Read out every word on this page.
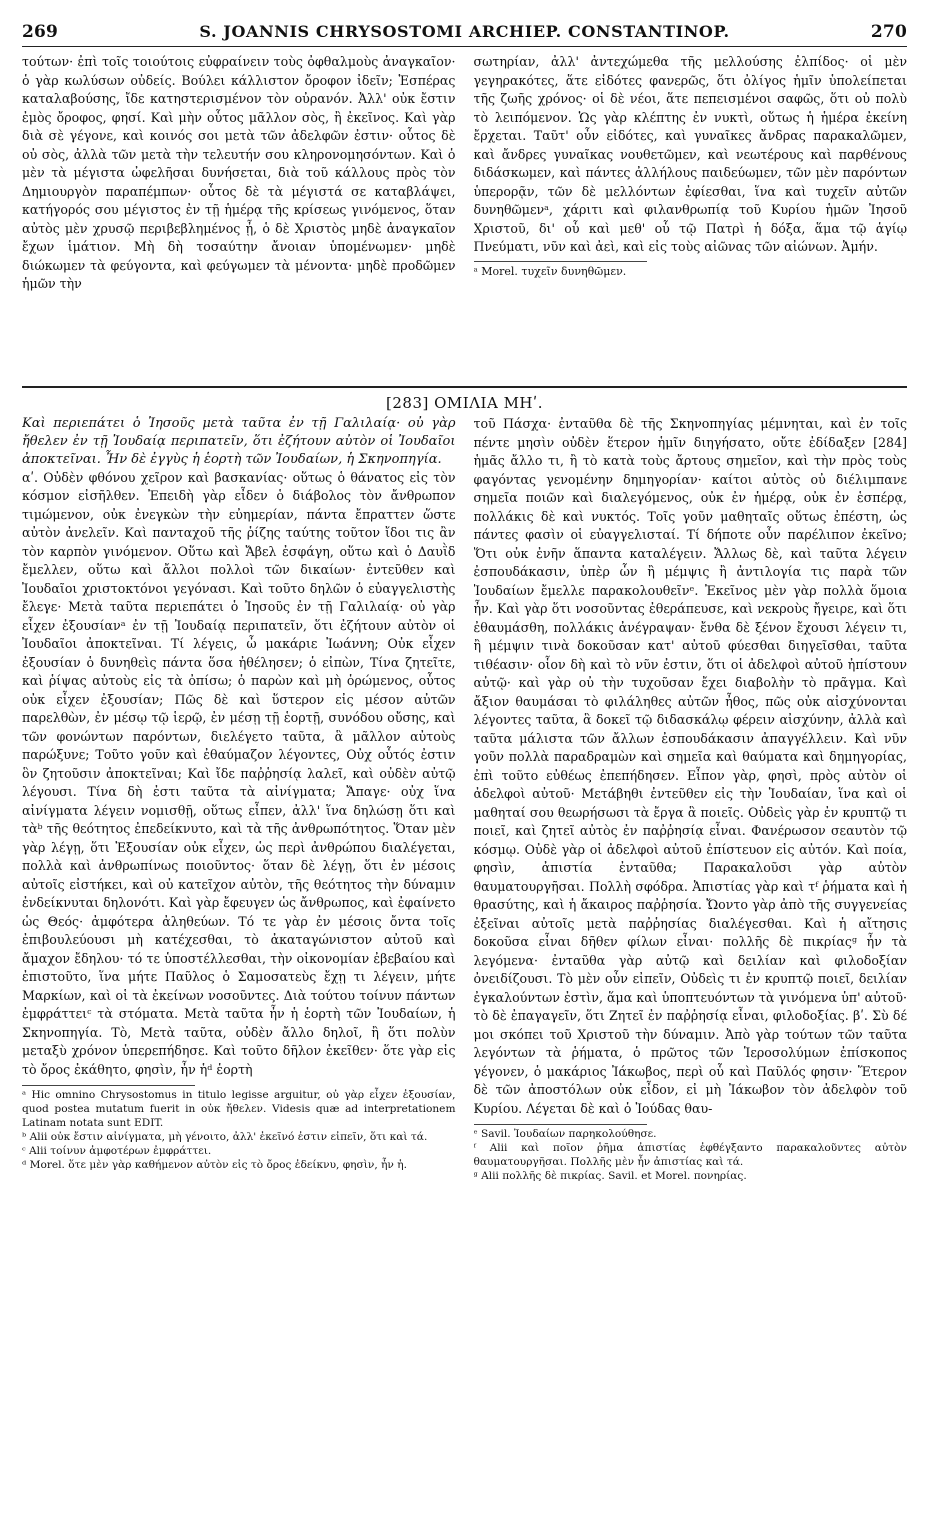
269	S. JOANNIS CHRYSOSTOMI ARCHIEP. CONSTANTINOP.	270

τούτων· ἐπὶ τοῖς τοιούτοις εὐφραίνειν τοὺς ὀφθαλμοὺς ἀναγκαῖον· ὁ γὰρ κωλύσων οὐδείς. Βούλει κάλλιστον ὄροφον ἰδεῖν; Ἑσπέρας καταλαβούσης, ἴδε κατηστερισμένον τὸν οὐρανόν. Ἀλλ' οὐκ ἔστιν ἐμὸς ὄροφος, φησί. Καὶ μὴν οὗτος μᾶλλον σὸς, ἢ ἐκεῖνος. Καὶ γὰρ διὰ σὲ γέγονε, καὶ κοινός σοι μετὰ τῶν ἀδελφῶν ἐστιν· οὗτος δὲ οὐ σὸς, ἀλλὰ τῶν μετὰ τὴν τελευτήν σου κληρονομησόντων. Καὶ ὁ μὲν τὰ μέγιστα ὠφελῆσαι δυνήσεται, διὰ τοῦ κάλλους πρὸς τὸν Δημιουργὸν παραπέμπων· οὗτος δὲ τὰ μέγιστά σε καταβλάψει, κατήγορός σου μέγιστος ἐν τῇ ἡμέρᾳ τῆς κρίσεως γινόμενος, ὅταν αὐτὸς μὲν χρυσῷ περιβεβλημένος ᾖ, ὁ δὲ Χριστὸς μηδὲ ἀναγκαῖον ἔχων ἱμάτιον. Μὴ δὴ τοσαύτην ἄνοιαν ὑπομένωμεν· μηδὲ διώκωμεν τὰ φεύγοντα, καὶ φεύγωμεν τὰ μένοντα· μηδὲ προδῶμεν ἡμῶν τὴν

σωτηρίαν, ἀλλ' ἀντεχώμεθα τῆς μελλούσης ἐλπίδος· οἱ μὲν γεγηρακότες, ἅτε εἰδότες φανερῶς, ὅτι ὀλίγος ἡμῖν ὑπολείπεται τῆς ζωῆς χρόνος· οἱ δὲ νέοι, ἅτε πεπεισμένοι σαφῶς, ὅτι οὐ πολὺ τὸ λειπόμενον. Ὡς γὰρ κλέπτης ἐν νυκτὶ, οὕτως ἡ ἡμέρα ἐκείνη ἔρχεται. Ταῦτ' οὖν εἰδότες, καὶ γυναῖκες ἄνδρας παρακαλῶμεν, καὶ ἄνδρες γυναῖκας νουθετῶμεν, καὶ νεωτέρους καὶ παρθένους διδάσκωμεν, καὶ πάντες ἀλλήλους παιδεύωμεν, τῶν μὲν παρόντων ὑπερορᾷν, τῶν δὲ μελλόντων ἐφίεσθαι, ἵνα καὶ τυχεῖν αὐτῶν δυνηθῶμενᵃ, χάριτι καὶ φιλανθρωπίᾳ τοῦ Κυρίου ἡμῶν Ἰησοῦ Χριστοῦ, δι' οὗ καὶ μεθ' οὗ τῷ Πατρὶ ἡ δόξα, ἅμα τῷ ἁγίῳ Πνεύματι, νῦν καὶ ἀεὶ, καὶ εἰς τοὺς αἰῶνας τῶν αἰώνων. Ἀμήν.

ᵃ Morel. τυχεῖν δυνηθῶμεν.
[283] ΟΜΙΛΙΑ ΜΗʹ.

Καὶ περιεπάτει ὁ Ἰησοῦς μετὰ ταῦτα ἐν τῇ Γαλιλαίᾳ· οὐ γὰρ ἤθελεν ἐν τῇ Ἰουδαίᾳ περιπατεῖν, ὅτι ἐζήτουν αὐτὸν οἱ Ἰουδαῖοι ἀποκτεῖναι. Ἦν δὲ ἐγγὺς ἡ ἑορτὴ τῶν Ἰουδαίων, ἡ Σκηνοπηγία.

αʹ. Οὐδὲν φθόνου χεῖρον καὶ βασκανίας· οὕτως ὁ θάνατος εἰς τὸν κόσμον εἰσῆλθεν. Ἐπειδὴ γὰρ εἶδεν ὁ διάβολος τὸν ἄνθρωπον τιμώμενον, οὐκ ἐνεγκὼν τὴν εὐημερίαν, πάντα ἔπραττεν ὥστε αὐτὸν ἀνελεῖν. Καὶ πανταχοῦ τῆς ῥίζης ταύτης τοῦτον ἴδοι τις ἂν τὸν καρπὸν γινόμενον. Οὕτω καὶ Ἄβελ ἐσφάγη, οὕτω καὶ ὁ Δαυῒδ ἔμελλεν, οὕτω καὶ ἄλλοι πολλοὶ τῶν δικαίων· ἐντεῦθεν καὶ Ἰουδαῖοι χριστοκτόνοι γεγόνασι. Καὶ τοῦτο δηλῶν ὁ εὐαγγελιστὴς ἔλεγε· Μετὰ ταῦτα περιεπάτει ὁ Ἰησοῦς ἐν τῇ Γαλιλαίᾳ· οὐ γὰρ εἶχεν ἐξουσίανᵃ ἐν τῇ Ἰουδαίᾳ περιπατεῖν, ὅτι ἐζήτουν αὐτὸν οἱ Ἰουδαῖοι ἀποκτεῖναι. Τί λέγεις, ὦ μακάριε Ἰωάννη; Οὐκ εἶχεν ἐξουσίαν ὁ δυνηθεὶς πάντα ὅσα ἠθέλησεν; ὁ εἰπὼν, Τίνα ζητεῖτε, καὶ ῥίψας αὐτοὺς εἰς τὰ ὀπίσω; ὁ παρὼν καὶ μὴ ὁρώμενος, οὗτος οὐκ εἶχεν ἐξουσίαν; Πῶς δὲ καὶ ὕστερον εἰς μέσον αὐτῶν παρελθὼν, ἐν μέσῳ τῷ ἱερῷ, ἐν μέσῃ τῇ ἑορτῇ, συνόδου οὔσης, καὶ τῶν φονώντων παρόντων, διελέγετο ταῦτα, ἃ μᾶλλον αὐτοὺς παρώξυνε; Τοῦτο γοῦν καὶ ἐθαύμαζον λέγοντες, Οὐχ οὗτός ἐστιν ὃν ζητοῦσιν ἀποκτεῖναι; Καὶ ἴδε παῤῥησίᾳ λαλεῖ, καὶ οὐδὲν αὐτῷ λέγουσι. Τίνα δὴ ἐστι ταῦτα τὰ αἰνίγματα; Ἄπαγε· οὐχ ἵνα αἰνίγματα λέγειν νομισθῇ, οὕτως εἶπεν, ἀλλ' ἵνα δηλώσῃ ὅτι καὶ τὰᵇ τῆς θεότητος ἐπεδείκνυτο, καὶ τὰ τῆς ἀνθρωπότητος. Ὅταν μὲν γὰρ λέγῃ, ὅτι Ἐξουσίαν οὐκ εἶχεν, ὡς περὶ ἀνθρώπου διαλέγεται, πολλὰ καὶ ἀνθρωπίνως ποιοῦντος· ὅταν δὲ λέγῃ, ὅτι ἐν μέσοις αὐτοῖς εἰστήκει, καὶ οὐ κατεῖχον αὐτὸν, τῆς θεότητος τὴν δύναμιν ἐνδείκνυται δηλονότι. Καὶ γὰρ ἔφευγεν ὡς ἄνθρωπος, καὶ ἐφαίνετο ὡς Θεός· ἀμφότερα ἀληθεύων. Τό τε γὰρ ἐν μέσοις ὄντα τοῖς ἐπιβουλεύουσι μὴ κατέχεσθαι, τὸ ἀκαταγώνιστον αὐτοῦ καὶ ἄμαχον ἔδηλου· τό τε ὑποστέλλεσθαι, τὴν οἰκονομίαν ἐβεβαίου καὶ ἐπιστοῦτο, ἵνα μήτε Παῦλος ὁ Σαμοσατεὺς ἔχῃ τι λέγειν, μήτε Μαρκίων, καὶ οἱ τὰ ἐκείνων νοσοῦντες. Διὰ τούτου τοίνυν πάντων ἐμφράττειᶜ τὰ στόματα. Μετὰ ταῦτα ἦν ἡ ἑορτὴ τῶν Ἰουδαίων, ἡ Σκηνοπηγία. Τὸ, Μετὰ ταῦτα, οὐδὲν ἄλλο δηλοῖ, ἢ ὅτι πολὺν μεταξὺ χρόνον ὑπερεπήδησε. Καὶ τοῦτο δῆλον ἐκεῖθεν· ὅτε γὰρ εἰς τὸ ὄρος ἐκάθητο, φησὶν, ἦν ἡᵈ ἑορτὴ

ᵃ Hic omnino Chrysostomus in titulo legisse arguitur, οὐ γὰρ εἶχεν ἐξουσίαν, quod postea mutatum fuerit in οὐκ ἤθελεν. Videsis quæ ad interpretationem Latinam notata sunt EDIT.

ᵇ Alii οὐκ ἔστιν αἰνίγματα, μὴ γένοιτο, ἀλλ' ἐκεῖνό ἐστιν εἰπεῖν, ὅτι καὶ τά.

ᶜ Alii τοίνυν ἀμφοτέρων ἐμφράττει.

ᵈ Morel. ὅτε μὲν γὰρ καθήμενον αὐτὸν εἰς τὸ ὄρος ἐδείκνυ, φησὶν, ἦν ἡ.

τοῦ Πάσχα· ἐνταῦθα δὲ τῆς Σκηνοπηγίας μέμνηται, καὶ ἐν τοῖς πέντε μησὶν οὐδὲν ἕτερον ἡμῖν διηγήσατο, οὔτε ἐδίδαξεν [284] ἡμᾶς ἄλλο τι, ἢ τὸ κατὰ τοὺς ἄρτους σημεῖον, καὶ τὴν πρὸς τοὺς φαγόντας γενομένην δημηγορίαν· καίτοι αὐτὸς οὐ διέλιμπανε σημεῖα ποιῶν καὶ διαλεγόμενος, οὐκ ἐν ἡμέρᾳ, οὐκ ἐν ἑσπέρᾳ, πολλάκις δὲ καὶ νυκτός. Τοῖς γοῦν μαθηταῖς οὕτως ἐπέστη, ὡς πάντες φασὶν οἱ εὐαγγελισταί. Τί δήποτε οὖν παρέλιπον ἐκεῖνο; Ὅτι οὐκ ἐνῆν ἅπαντα καταλέγειν. Ἄλλως δὲ, καὶ ταῦτα λέγειν ἐσπουδάκασιν, ὑπὲρ ὧν ἢ μέμψις ἢ ἀντιλογία τις παρὰ τῶν Ἰουδαίων ἔμελλε παρακολουθεῖνᵉ. Ἐκεῖνος μὲν γὰρ πολλὰ ὅμοια ἦν. Καὶ γὰρ ὅτι νοσοῦντας ἐθεράπευσε, καὶ νεκροὺς ἤγειρε, καὶ ὅτι ἐθαυμάσθη, πολλάκις ἀνέγραψαν· ἔνθα δὲ ξένον ἔχουσι λέγειν τι, ἢ μέμψιν τινὰ δοκοῦσαν κατ' αὐτοῦ φύεσθαι διηγεῖσθαι, ταῦτα τιθέασιν· οἷον δὴ καὶ τὸ νῦν ἐστιν, ὅτι οἱ ἀδελφοὶ αὐτοῦ ἠπίστουν αὐτῷ· καὶ γὰρ οὐ τὴν τυχοῦσαν ἔχει διαβολὴν τὸ πρᾶγμα. Καὶ ἄξιον θαυμάσαι τὸ φιλάληθες αὐτῶν ἦθος, πῶς οὐκ αἰσχύνονται λέγοντες ταῦτα, ἃ δοκεῖ τῷ διδασκάλῳ φέρειν αἰσχύνην, ἀλλὰ καὶ ταῦτα μάλιστα τῶν ἄλλων ἐσπουδάκασιν ἀπαγγέλλειν. Καὶ νῦν γοῦν πολλὰ παραδραμὼν καὶ σημεῖα καὶ θαύματα καὶ δημηγορίας, ἐπὶ τοῦτο εὐθέως ἐπεπήδησεν. Εἶπον γὰρ, φησὶ, πρὸς αὐτὸν οἱ ἀδελφοὶ αὐτοῦ· Μετάβηθι ἐντεῦθεν εἰς τὴν Ἰουδαίαν, ἵνα καὶ οἱ μαθηταί σου θεωρήσωσι τὰ ἔργα ἃ ποιεῖς. Οὐδεὶς γὰρ ἐν κρυπτῷ τι ποιεῖ, καὶ ζητεῖ αὐτὸς ἐν παῤῥησίᾳ εἶναι. Φανέρωσον σεαυτὸν τῷ κόσμῳ. Οὐδὲ γὰρ οἱ ἀδελφοὶ αὐτοῦ ἐπίστευον εἰς αὐτόν. Καὶ ποία, φησὶν, ἀπιστία ἐνταῦθα; Παρακαλοῦσι γὰρ αὐτὸν θαυματουργῆσαι. Πολλὴ σφόδρα. Ἀπιστίας γὰρ καὶ τᶠ ῥήματα καὶ ἡ θρασύτης, καὶ ἡ ἄκαιρος παῤῥησία. Ὤοντο γὰρ ἀπὸ τῆς συγγενείας ἐξεῖναι αὐτοῖς μετὰ παῤῥησίας διαλέγεσθαι. Καὶ ἡ αἴτησις δοκοῦσα εἶναι δῆθεν φίλων εἶναι· πολλῆς δὲ πικρίαςᵍ ἦν τὰ λεγόμενα· ἐνταῦθα γὰρ αὐτῷ καὶ δειλίαν καὶ φιλοδοξίαν ὀνειδίζουσι. Τὸ μὲν οὖν εἰπεῖν, Οὐδεὶς τι ἐν κρυπτῷ ποιεῖ, δειλίαν ἐγκαλούντων ἐστὶν, ἅμα καὶ ὑποπτευόντων τὰ γινόμενα ὑπ' αὐτοῦ· τὸ δὲ ἐπαγαγεῖν, ὅτι Ζητεῖ ἐν παῤῥησίᾳ εἶναι, φιλοδοξίας. βʹ. Σὺ δέ μοι σκόπει τοῦ Χριστοῦ τὴν δύναμιν. Ἀπὸ γὰρ τούτων τῶν ταῦτα λεγόντων τὰ ῥήματα, ὁ πρῶτος τῶν Ἱεροσολύμων ἐπίσκοπος γέγονεν, ὁ μακάριος Ἰάκωβος, περὶ οὗ καὶ Παῦλός φησιν· Ἕτερον δὲ τῶν ἀποστόλων οὐκ εἶδον, εἰ μὴ Ἰάκωβον τὸν ἀδελφὸν τοῦ Κυρίου. Λέγεται δὲ καὶ ὁ Ἰούδας θαυ-

ᵉ Savil. Ἰουδαίων παρηκολούθησε.

ᶠ Alii καὶ ποῖον ῥῆμα ἀπιστίας ἐφθέγξαντο παρακαλοῦντες αὐτὸν θαυματουργῆσαι. Πολλῆς μὲν ἦν ἀπιστίας καὶ τά.

ᵍ Alii πολλῆς δὲ πικρίας. Savil. et Morel. πονηρίας.
